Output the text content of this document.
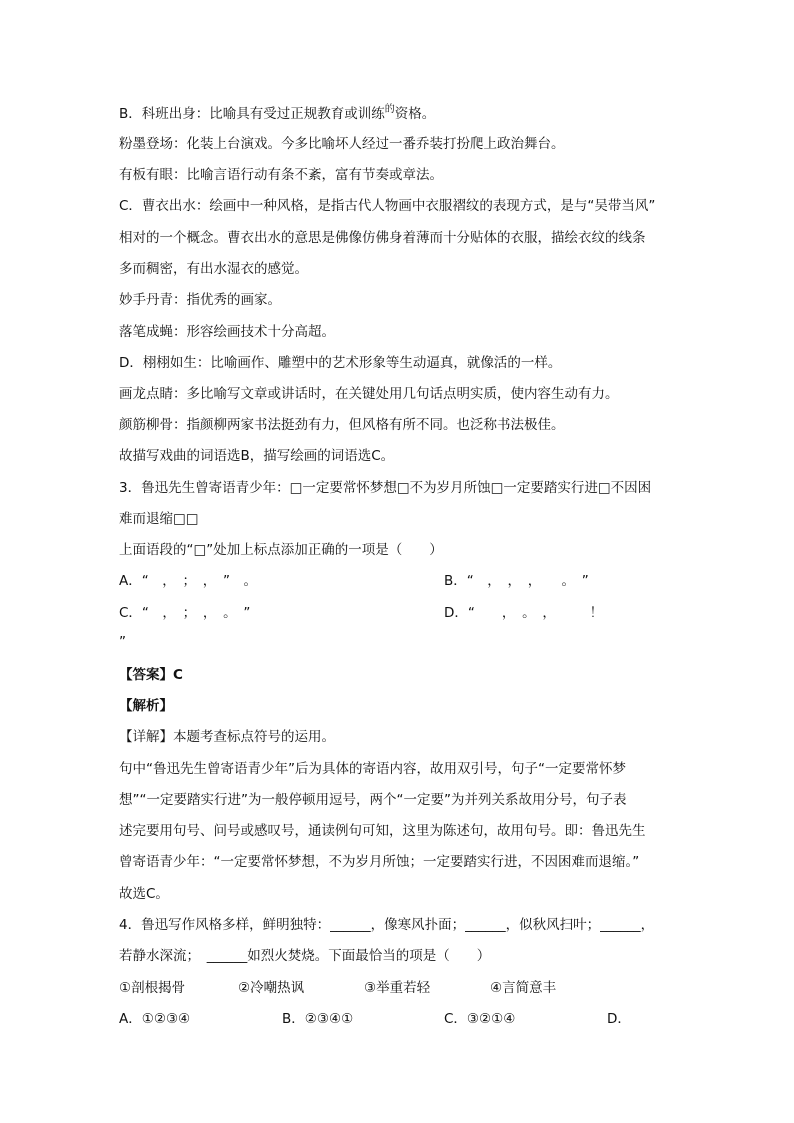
B．科班出身：比喻具有受过正规教育或训练$^的$资格。
粉墨登场：化装上台演戏。今多比喻坏人经过一番乔装打扮爬上政治舞台。
有板有眼：比喻言语行动有条不紊，富有节奏或章法。
C．曹衣出水：绘画中一种风格，是指古代人物画中衣服褶纹的表现方式，是与“吴带当风”
相对的一个概念。曹衣出水的意思是佛像仿佛身着薄而十分贴体的衣服，描绘衣纹的线条
多而稠密，有出水湿衣的感觉。
妙手丹青：指优秀的画家。
落笔成蝇：形容绘画技术十分高超。
D．栩栩如生：比喻画作、雕塑中的艺术形象等生动逼真，就像活的一样。
画龙点睛：多比喻写文章或讲话时，在关键处用几句话点明实质，使内容生动有力。
颜筋柳骨：指颜柳两家书法挺劲有力，但风格有所不同。也泛称书法极佳。
故描写戏曲的词语选B，描写绘画的词语选C。
3．鲁迅先生曾寄语青少年：□一定要常怀梦想□不为岁月所蚀□一定要踏实行进□不因困
难而退缩□□
上面语段的“□”处加上标点添加正确的一项是（　　）
A．“　，　；　，　”　。	B．“　，　，　，　　。　”
C．“　，　；　，　。　”	D．“　　，　。　，　　　！
”
【答案】C
【解析】
【详解】本题考查标点符号的运用。
句中“鲁迅先生曾寄语青少年”后为具体的寄语内容，故用双引号，句子“一定要常怀梦
想”“一定要踏实行进”为一般停顿用逗号，两个“一定要”为并列关系故用分号，句子表
述完要用句号、问号或感叹号，通读例句可知，这里为陈述句，故用句号。即：鲁迅先生
曾寄语青少年：“一定要常怀梦想，不为岁月所蚀；一定要踏实行进，不因困难而退缩。”
故选C。
4．鲁迅写作风格多样，鲜明独特：______，像寒风扑面；______，似秋风扫叶；______，
若静水深流；　______如烈火焚烧。下面最恰当的项是（　　）
①剖根揭骨	②冷嘲热讽	③举重若轻	④言简意丰
A．①②③④	B．②③④①	C．③②①④	D．
